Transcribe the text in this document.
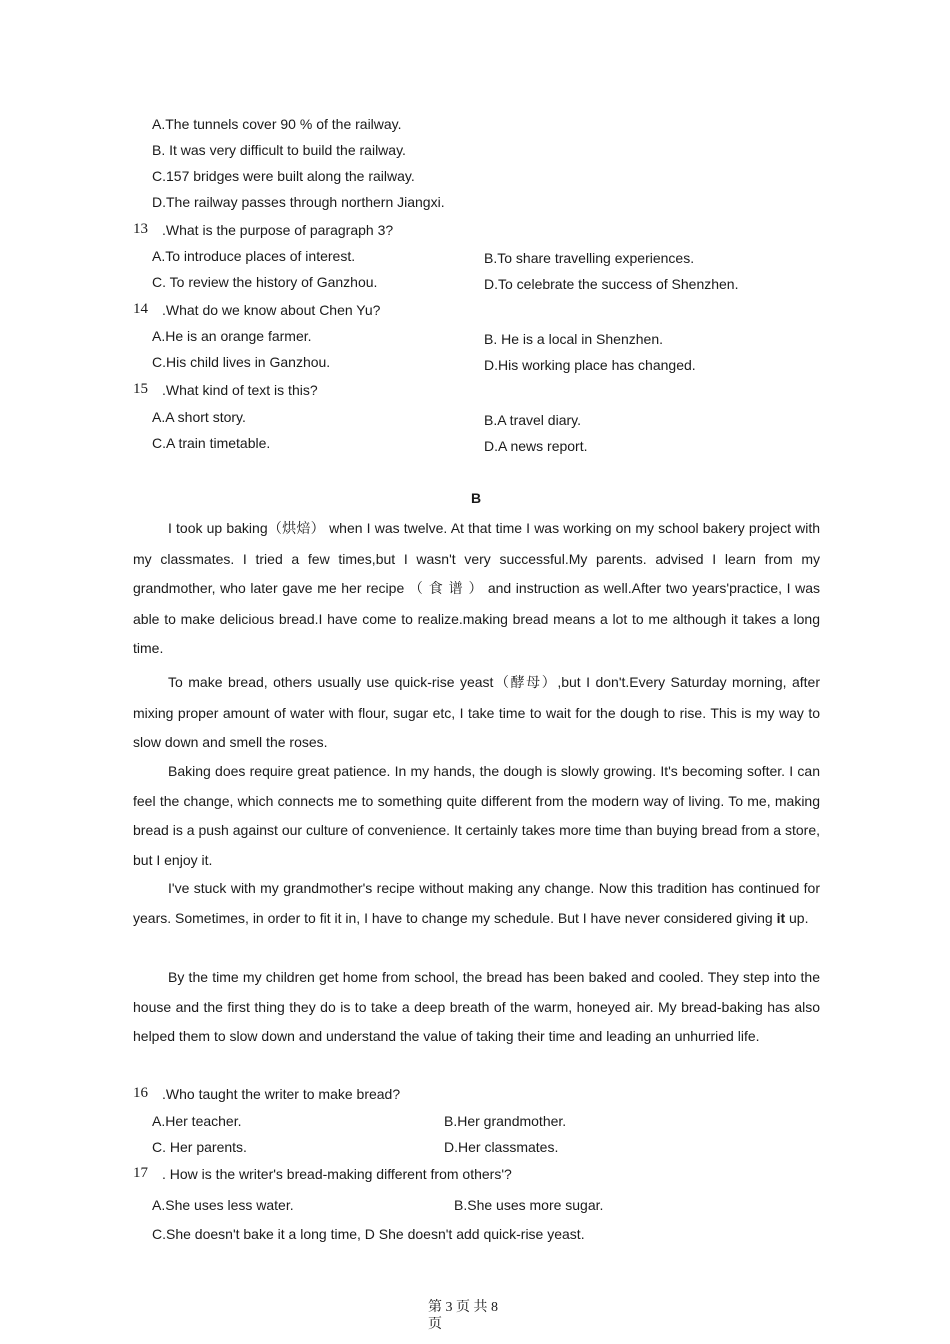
A.The tunnels cover 90 % of the railway.
B. It was very difficult to build the railway.
C.157 bridges were built along the railway.
D.The railway passes through northern Jiangxi.
13 .What is the purpose of paragraph 3?
A.To introduce places of interest.	B.To share travelling experiences.
C. To review the history of Ganzhou.	D.To celebrate the success of Shenzhen.
14 .What do we know about Chen Yu?
A.He is an orange farmer.	B. He is a local in Shenzhen.
C.His child lives in Ganzhou.	D.His working place has changed.
15 .What kind of text is this?
A.A short story.	B.A travel diary.
C.A train timetable.	D.A news report.
B

I took up baking（烘焙） when I was twelve. At that time I was working on my school bakery project with my classmates. I tried a few times,but I wasn't very successful.My parents. advised I learn from my grandmother, who later gave me her recipe （ 食 谱 ） and instruction as well.After two years'practice, I was able to make delicious bread.I have come to realize.making bread means a lot to me although it takes a long time.

To make bread, others usually use quick-rise yeast（酵母）,but I don't.Every Saturday morning, after mixing proper amount of water with flour, sugar etc, I take time to wait for the dough to rise. This is my way to slow down and smell the roses.

Baking does require great patience. In my hands, the dough is slowly growing. It's becoming softer. I can feel the change, which connects me to something quite different from the modern way of living. To me, making bread is a push against our culture of convenience. It certainly takes more time than buying bread from a store, but I enjoy it.

I've stuck with my grandmother's recipe without making any change. Now this tradition has continued for years. Sometimes, in order to fit it in, I have to change my schedule. But I have never considered giving it up.

By the time my children get home from school, the bread has been baked and cooled. They step into the house and the first thing they do is to take a deep breath of the warm, honeyed air. My bread-baking has also helped them to slow down and understand the value of taking their time and leading an unhurried life.

16 .Who taught the writer to make bread?
A.Her teacher.	B.Her grandmother.
C. Her parents.	D.Her classmates.
17 . How is the writer's bread-making different from others'?
A.She uses less water.	B.She uses more sugar.
C.She doesn't bake it a long time, D She doesn't add quick-rise yeast.
第 3 页 共 8
页
